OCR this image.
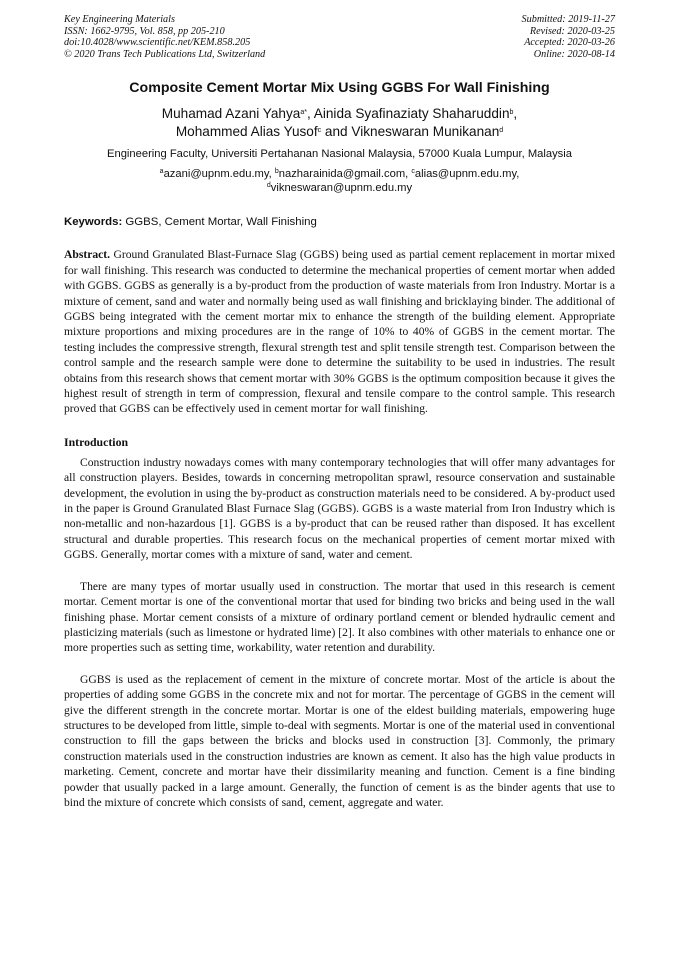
Key Engineering Materials
ISSN: 1662-9795, Vol. 858, pp 205-210
doi:10.4028/www.scientific.net/KEM.858.205
© 2020 Trans Tech Publications Ltd, Switzerland
Submitted: 2019-11-27
Revised: 2020-03-25
Accepted: 2020-03-26
Online: 2020-08-14
Composite Cement Mortar Mix Using GGBS For Wall Finishing
Muhamad Azani Yahya$^{a*}$, Ainida Syafinaziaty Shaharuddin$^b$,
Mohammed Alias Yusof$^c$ and Vikneswaran Munikanan$^d$
Engineering Faculty, Universiti Pertahanan Nasional Malaysia, 57000 Kuala Lumpur, Malaysia
$^a$azani@upnm.edu.my, $^b$nazharainida@gmail.com, $^c$alias@upnm.edu.my,
$^d$vikneswaran@upnm.edu.my
Keywords: GGBS, Cement Mortar, Wall Finishing
Abstract. Ground Granulated Blast-Furnace Slag (GGBS) being used as partial cement replacement in mortar mixed for wall finishing. This research was conducted to determine the mechanical properties of cement mortar when added with GGBS. GGBS as generally is a by-product from the production of waste materials from Iron Industry. Mortar is a mixture of cement, sand and water and normally being used as wall finishing and bricklaying binder. The additional of GGBS being integrated with the cement mortar mix to enhance the strength of the building element. Appropriate mixture proportions and mixing procedures are in the range of 10% to 40% of GGBS in the cement mortar. The testing includes the compressive strength, flexural strength test and split tensile strength test. Comparison between the control sample and the research sample were done to determine the suitability to be used in industries. The result obtains from this research shows that cement mortar with 30% GGBS is the optimum composition because it gives the highest result of strength in term of compression, flexural and tensile compare to the control sample. This research proved that GGBS can be effectively used in cement mortar for wall finishing.
Introduction

Construction industry nowadays comes with many contemporary technologies that will offer many advantages for all construction players. Besides, towards in concerning metropolitan sprawl, resource conservation and sustainable development, the evolution in using the by-product as construction materials need to be considered. A by-product used in the paper is Ground Granulated Blast Furnace Slag (GGBS). GGBS is a waste material from Iron Industry which is non-metallic and non-hazardous [1]. GGBS is a by-product that can be reused rather than disposed. It has excellent structural and durable properties. This research focus on the mechanical properties of cement mortar mixed with GGBS. Generally, mortar comes with a mixture of sand, water and cement.

There are many types of mortar usually used in construction. The mortar that used in this research is cement mortar. Cement mortar is one of the conventional mortar that used for binding two bricks and being used in the wall finishing phase. Mortar cement consists of a mixture of ordinary portland cement or blended hydraulic cement and plasticizing materials (such as limestone or hydrated lime) [2]. It also combines with other materials to enhance one or more properties such as setting time, workability, water retention and durability.

GGBS is used as the replacement of cement in the mixture of concrete mortar. Most of the article is about the properties of adding some GGBS in the concrete mix and not for mortar. The percentage of GGBS in the cement will give the different strength in the concrete mortar. Mortar is one of the eldest building materials, empowering huge structures to be developed from little, simple to-deal with segments. Mortar is one of the material used in conventional construction to fill the gaps between the bricks and blocks used in construction [3]. Commonly, the primary construction materials used in the construction industries are known as cement. It also has the high value products in marketing. Cement, concrete and mortar have their dissimilarity meaning and function. Cement is a fine binding powder that usually packed in a large amount. Generally, the function of cement is as the binder agents that use to bind the mixture of concrete which consists of sand, cement, aggregate and water.
